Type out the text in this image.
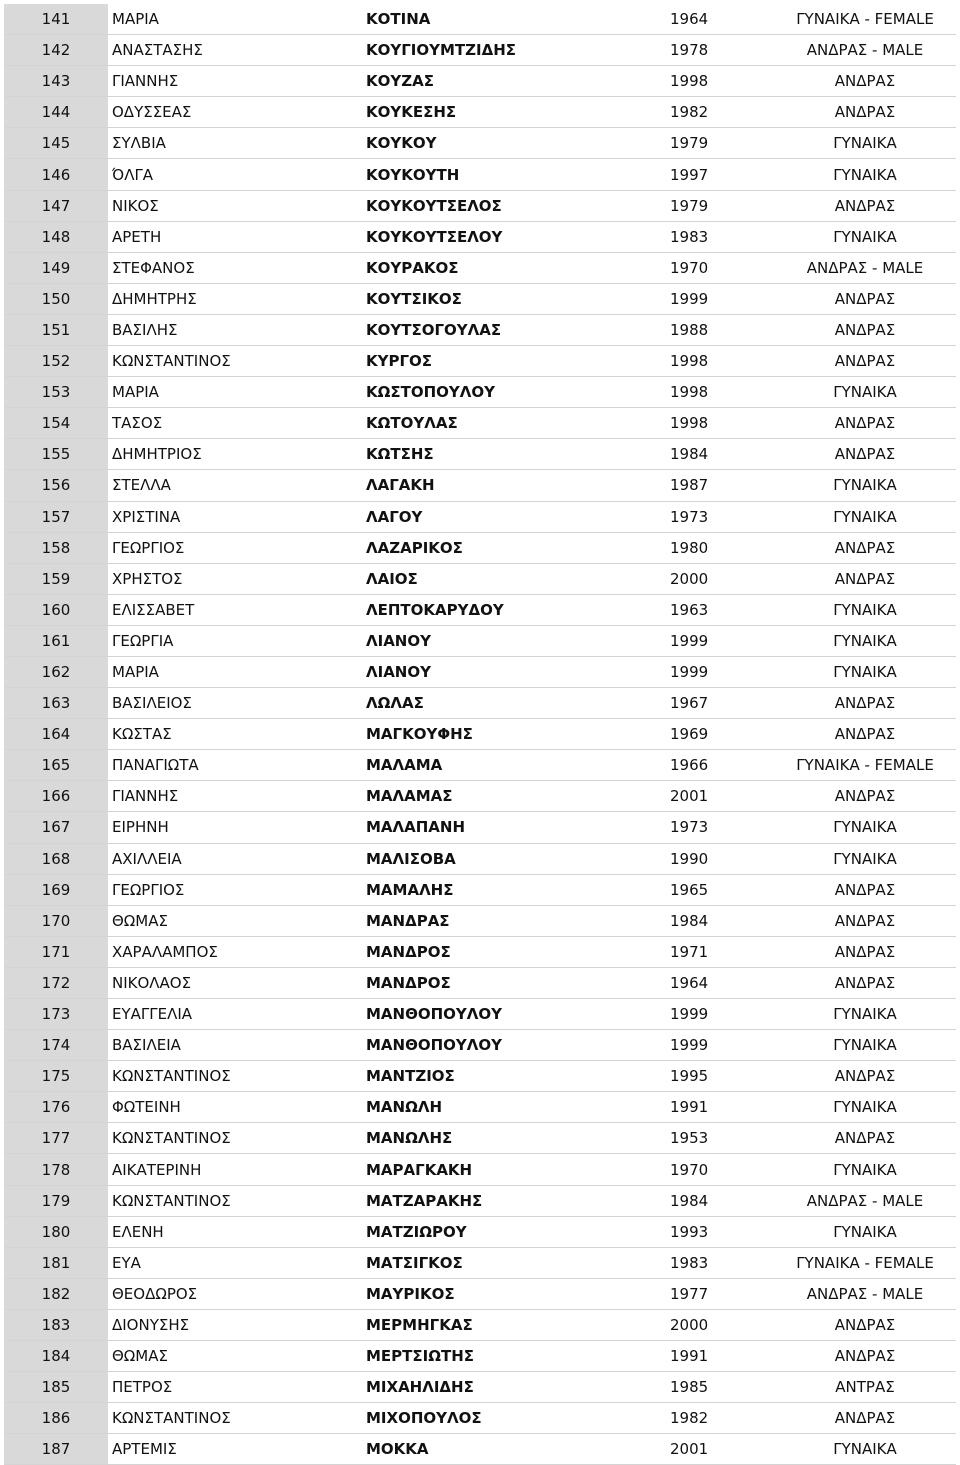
141	ΜΑΡΙΑ	ΚΟΤΙΝΑ	1964	ΓΥΝΑΙΚΑ - FEMALE
142	ΑΝΑΣΤΑΣΗΣ	ΚΟΥΓΙΟΥΜΤΖΙΔΗΣ	1978	ΑΝΔΡΑΣ - MALE
143	ΓΙΑΝΝΗΣ	ΚΟΥΖΑΣ	1998	ΑΝΔΡΑΣ
144	ΟΔΥΣΣΕΑΣ	ΚΟΥΚΕΣΗΣ	1982	ΑΝΔΡΑΣ
145	ΣΥΛΒΙΑ	ΚΟΥΚΟΥ	1979	ΓΥΝΑΙΚΑ
146	ΌΛΓΑ	ΚΟΥΚΟΥΤΗ	1997	ΓΥΝΑΙΚΑ
147	ΝΙΚΟΣ	ΚΟΥΚΟΥΤΣΕΛΟΣ	1979	ΑΝΔΡΑΣ
148	ΑΡΕΤΗ	ΚΟΥΚΟΥΤΣΕΛΟΥ	1983	ΓΥΝΑΙΚΑ
149	ΣΤΕΦΑΝΟΣ	ΚΟΥΡΑΚΟΣ	1970	ΑΝΔΡΑΣ - MALE
150	ΔΗΜΗΤΡΗΣ	ΚΟΥΤΣΙΚΟΣ	1999	ΑΝΔΡΑΣ
151	ΒΑΣΙΛΗΣ	ΚΟΥΤΣΟΓΟΥΛΑΣ	1988	ΑΝΔΡΑΣ
152	ΚΩΝΣΤΑΝΤΙΝΟΣ	ΚΥΡΓΟΣ	1998	ΑΝΔΡΑΣ
153	ΜΑΡΙΑ	ΚΩΣΤΟΠΟΥΛΟΥ	1998	ΓΥΝΑΙΚΑ
154	ΤΑΣΟΣ	ΚΩΤΟΥΛΑΣ	1998	ΑΝΔΡΑΣ
155	ΔΗΜΗΤΡΙΟΣ	ΚΩΤΣΗΣ	1984	ΑΝΔΡΑΣ
156	ΣΤΕΛΛΑ	ΛΑΓΑΚΗ	1987	ΓΥΝΑΙΚΑ
157	ΧΡΙΣΤΙΝΑ	ΛΑΓΟΥ	1973	ΓΥΝΑΙΚΑ
158	ΓΕΩΡΓΙΟΣ	ΛΑΖΑΡΙΚΟΣ	1980	ΑΝΔΡΑΣ
159	ΧΡΗΣΤΟΣ	ΛΑΙΟΣ	2000	ΑΝΔΡΑΣ
160	ΕΛΙΣΣΑΒΕΤ	ΛΕΠΤΟΚΑΡΥΔΟΥ	1963	ΓΥΝΑΙΚΑ
161	ΓΕΩΡΓΙΑ	ΛΙΑΝΟΥ	1999	ΓΥΝΑΙΚΑ
162	ΜΑΡΙΑ	ΛΙΑΝΟΥ	1999	ΓΥΝΑΙΚΑ
163	ΒΑΣΙΛΕΙΟΣ	ΛΩΛΑΣ	1967	ΑΝΔΡΑΣ
164	ΚΩΣΤΑΣ	ΜΑΓΚΟΥΦΗΣ	1969	ΑΝΔΡΑΣ
165	ΠΑΝΑΓΙΩΤΑ	ΜΑΛΑΜΑ	1966	ΓΥΝΑΙΚΑ - FEMALE
166	ΓΙΑΝΝΗΣ	ΜΑΛΑΜΑΣ	2001	ΑΝΔΡΑΣ
167	ΕΙΡΗΝΗ	ΜΑΛΑΠΑΝΗ	1973	ΓΥΝΑΙΚΑ
168	ΑΧΙΛΛΕΙΑ	ΜΑΛΙΣΟΒΑ	1990	ΓΥΝΑΙΚΑ
169	ΓΕΩΡΓΙΟΣ	ΜΑΜΑΛΗΣ	1965	ΑΝΔΡΑΣ
170	ΘΩΜΑΣ	ΜΑΝΔΡΑΣ	1984	ΑΝΔΡΑΣ
171	ΧΑΡΑΛΑΜΠΟΣ	ΜΑΝΔΡΟΣ	1971	ΑΝΔΡΑΣ
172	ΝΙΚΟΛΑΟΣ	ΜΑΝΔΡΟΣ	1964	ΑΝΔΡΑΣ
173	ΕΥΑΓΓΕΛΙΑ	ΜΑΝΘΟΠΟΥΛΟΥ	1999	ΓΥΝΑΙΚΑ
174	ΒΑΣΙΛΕΙΑ	ΜΑΝΘΟΠΟΥΛΟΥ	1999	ΓΥΝΑΙΚΑ
175	ΚΩΝΣΤΑΝΤΙΝΟΣ	ΜΑΝΤΖΙΟΣ	1995	ΑΝΔΡΑΣ
176	ΦΩΤΕΙΝΗ	ΜΑΝΩΛΗ	1991	ΓΥΝΑΙΚΑ
177	ΚΩΝΣΤΑΝΤΙΝΟΣ	ΜΑΝΩΛΗΣ	1953	ΑΝΔΡΑΣ
178	ΑΙΚΑΤΕΡΙΝΗ	ΜΑΡΑΓΚΑΚΗ	1970	ΓΥΝΑΙΚΑ
179	ΚΩΝΣΤΑΝΤΙΝΟΣ	ΜΑΤΖΑΡΑΚΗΣ	1984	ΑΝΔΡΑΣ - MALE
180	ΕΛΕΝΗ	ΜΑΤΖΙΩΡΟΥ	1993	ΓΥΝΑΙΚΑ
181	ΕΥΑ	ΜΑΤΣΙΓΚΟΣ	1983	ΓΥΝΑΙΚΑ - FEMALE
182	ΘΕΟΔΩΡΟΣ	ΜΑΥΡΙΚΟΣ	1977	ΑΝΔΡΑΣ - MALE
183	ΔΙΟΝΥΣΗΣ	ΜΕΡΜΗΓΚΑΣ	2000	ΑΝΔΡΑΣ
184	ΘΩΜΑΣ	ΜΕΡΤΣΙΩΤΗΣ	1991	ΑΝΔΡΑΣ
185	ΠΕΤΡΟΣ	ΜΙΧΑΗΛΙΔΗΣ	1985	ΑΝΤΡΑΣ
186	ΚΩΝΣΤΑΝΤΙΝΟΣ	ΜΙΧΟΠΟΥΛΟΣ	1982	ΑΝΔΡΑΣ
187	ΑΡΤΕΜΙΣ	ΜΟΚΚΑ	2001	ΓΥΝΑΙΚΑ
